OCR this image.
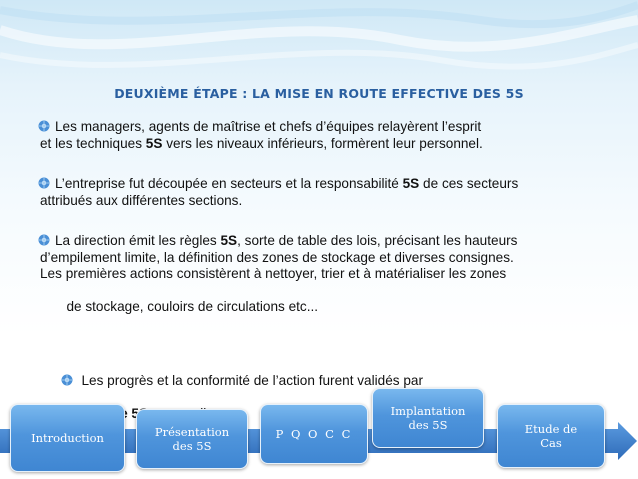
DEUXIÈME ÉTAPE : LA MISE EN ROUTE EFFECTIVE DES 5S
Les managers, agents de maîtrise et chefs d’équipes relayèrent l’esprit
et les techniques 5S vers les niveaux inférieurs, formèrent leur personnel.
L’entreprise fut découpée en secteurs et la responsabilité 5S de ces secteurs
attribués aux différentes sections.
La direction émit les règles 5S, sorte de table des lois, précisant les hauteurs
d’empilement limite, la définition des zones de stockage et diverses consignes.
Les premières actions consistèrent à nettoyer, trier et à matérialiser les zones

de stockage, couloirs de circulations etc...

Les progrès et la conformité de l’action furent validés par

Introduction	Présentation des 5S
P Q O C C
Implantation des 5S	Etude de Cas
